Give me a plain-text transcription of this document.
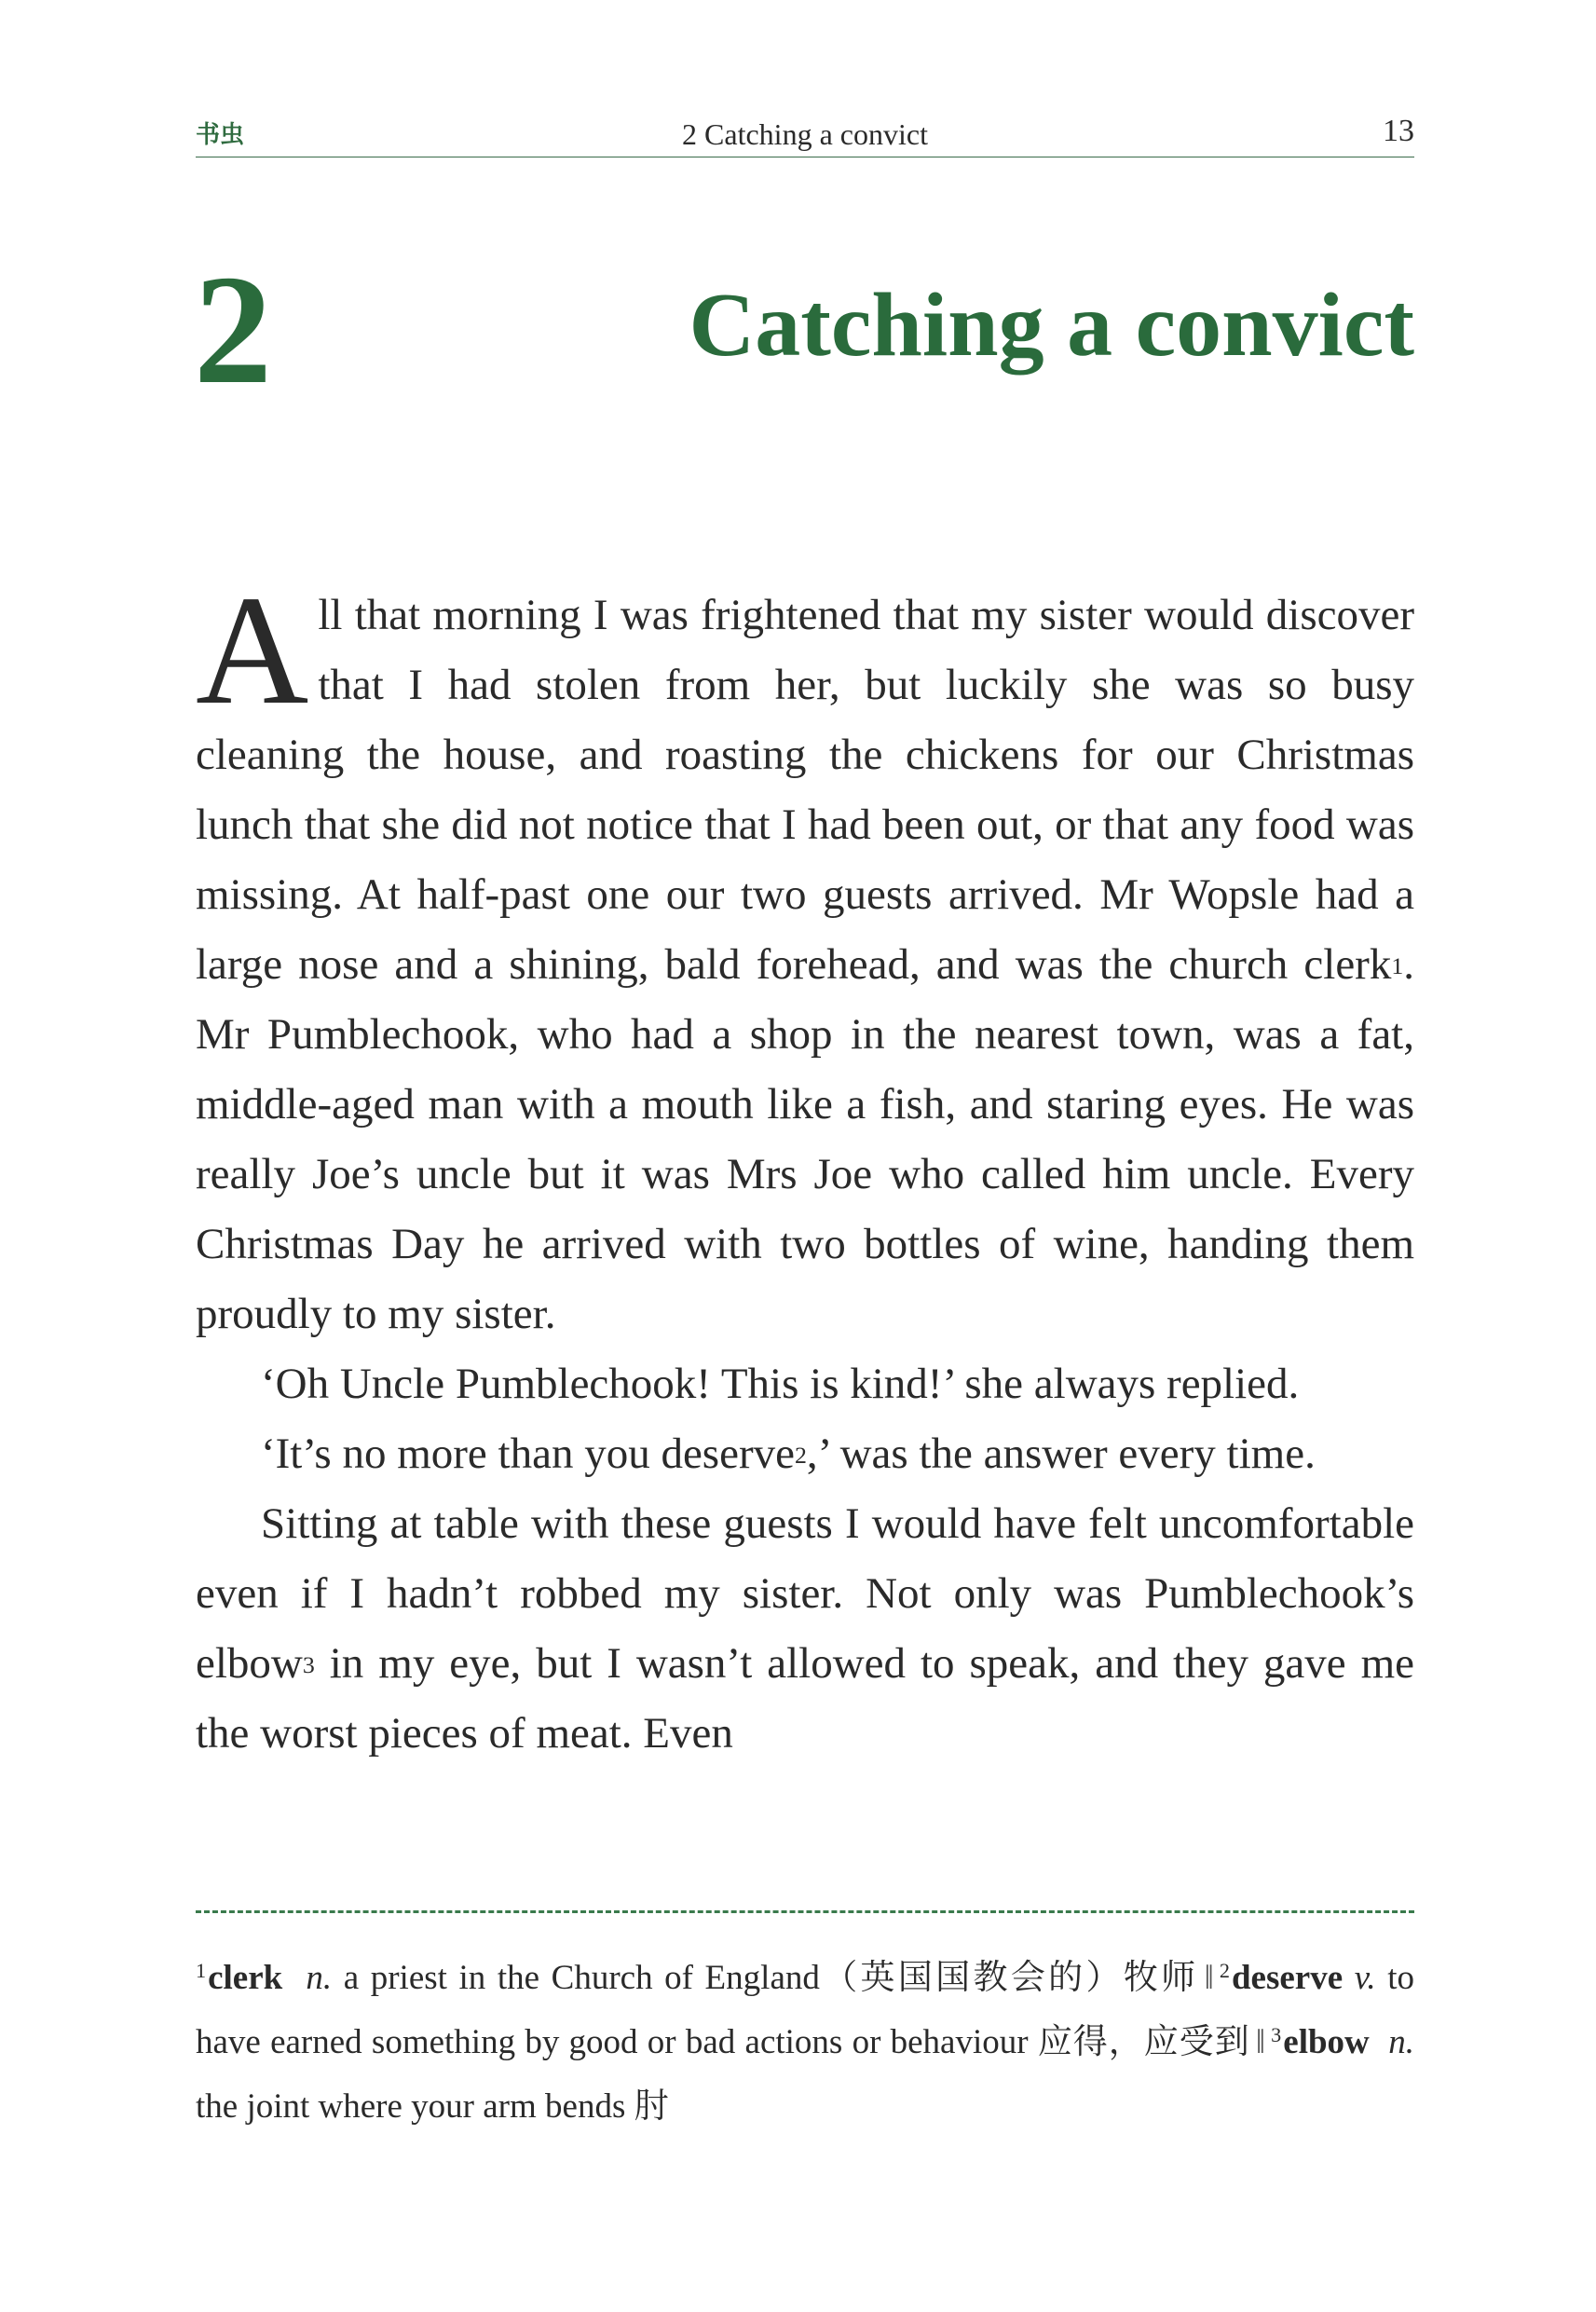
书虫	2 Catching a convict	13
2	Catching a convict

All that morning I was frightened that my sister would discover that I had stolen from her, but luckily she was so busy cleaning the house, and roasting the chickens for our Christmas lunch that she did not notice that I had been out, or that any food was missing. At half-past one our two guests arrived. Mr Wopsle had a large nose and a shining, bald forehead, and was the church clerk$^1$. Mr Pumblechook, who had a shop in the nearest town, was a fat, middle-aged man with a mouth like a fish, and staring eyes. He was really Joe’s uncle but it was Mrs Joe who called him uncle. Every Christmas Day he arrived with two bottles of wine, handing them proudly to my sister.

‘Oh Uncle Pumblechook! This is kind!’ she always replied.

‘It’s no more than you deserve$^2$,’ was the answer every time.

Sitting at table with these guests I would have felt uncomfortable even if I hadn’t robbed my sister. Not only was Pumblechook’s elbow$^3$ in my eye, but I wasn’t allowed to speak, and they gave me the worst pieces of meat. Even

$^1$clerk n. a priest in the Church of England（英国国教会的）牧师 ‖ $^2$deserve v. to have earned something by good or bad actions or behaviour 应得，应受到 ‖ $^3$elbow n. the joint where your arm bends 肘
